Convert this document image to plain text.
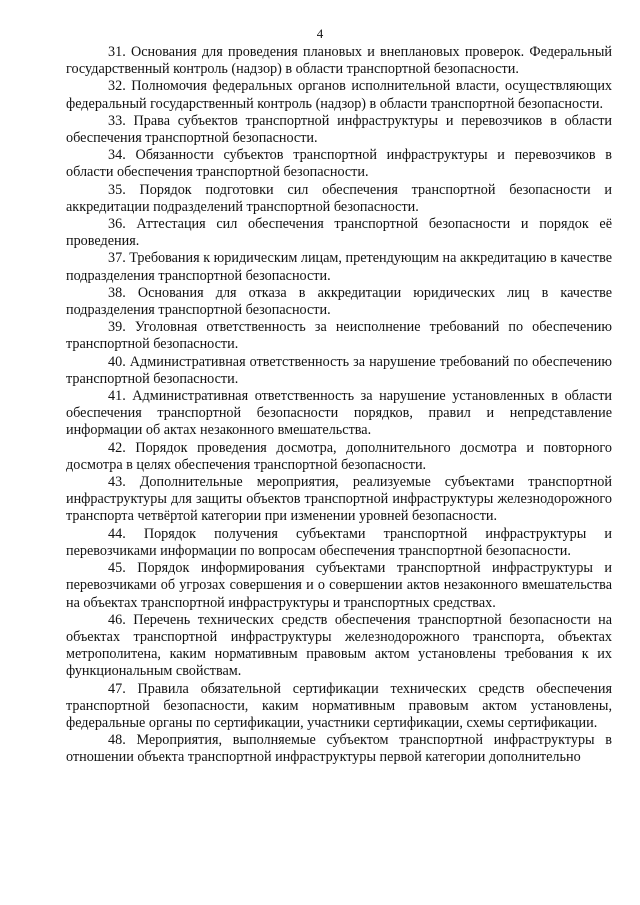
4

31. Основания для проведения плановых и внеплановых проверок. Федеральный государственный контроль (надзор) в области транспортной безопасности.

32. Полномочия федеральных органов исполнительной власти, осуществляющих федеральный государственный контроль (надзор) в области транспортной безопасности.

33. Права субъектов транспортной инфраструктуры и перевозчиков в области обеспечения транспортной безопасности.

34. Обязанности субъектов транспортной инфраструктуры и перевозчиков в области обеспечения транспортной безопасности.

35. Порядок подготовки сил обеспечения транспортной безопасности и аккредитации подразделений транспортной безопасности.

36. Аттестация сил обеспечения транспортной безопасности и порядок её проведения.

37. Требования к юридическим лицам, претендующим на аккредитацию в качестве подразделения транспортной безопасности.

38. Основания для отказа в аккредитации юридических лиц в качестве подразделения транспортной безопасности.

39. Уголовная ответственность за неисполнение требований по обеспечению транспортной безопасности.

40. Административная ответственность за нарушение требований по обеспечению транспортной безопасности.

41. Административная ответственность за нарушение установленных в области обеспечения транспортной безопасности порядков, правил и непредставление информации об актах незаконного вмешательства.

42. Порядок проведения досмотра, дополнительного досмотра и повторного досмотра в целях обеспечения транспортной безопасности.

43. Дополнительные мероприятия, реализуемые субъектами транспортной инфраструктуры для защиты объектов транспортной инфраструктуры железнодорожного транспорта четвёртой категории при изменении уровней безопасности.

44. Порядок получения субъектами транспортной инфраструктуры и перевозчиками информации по вопросам обеспечения транспортной безопасности.

45. Порядок информирования субъектами транспортной инфраструктуры и перевозчиками об угрозах совершения и о совершении актов незаконного вмешательства на объектах транспортной инфраструктуры и транспортных средствах.

46. Перечень технических средств обеспечения транспортной безопасности на объектах транспортной инфраструктуры железнодорожного транспорта, объектах метрополитена, каким нормативным правовым актом установлены требования к их функциональным свойствам.

47. Правила обязательной сертификации технических средств обеспечения транспортной безопасности, каким нормативным правовым актом установлены, федеральные органы по сертификации, участники сертификации, схемы сертификации.

48. Мероприятия, выполняемые субъектом транспортной инфраструктуры в отношении объекта транспортной инфраструктуры первой категории дополнительно
